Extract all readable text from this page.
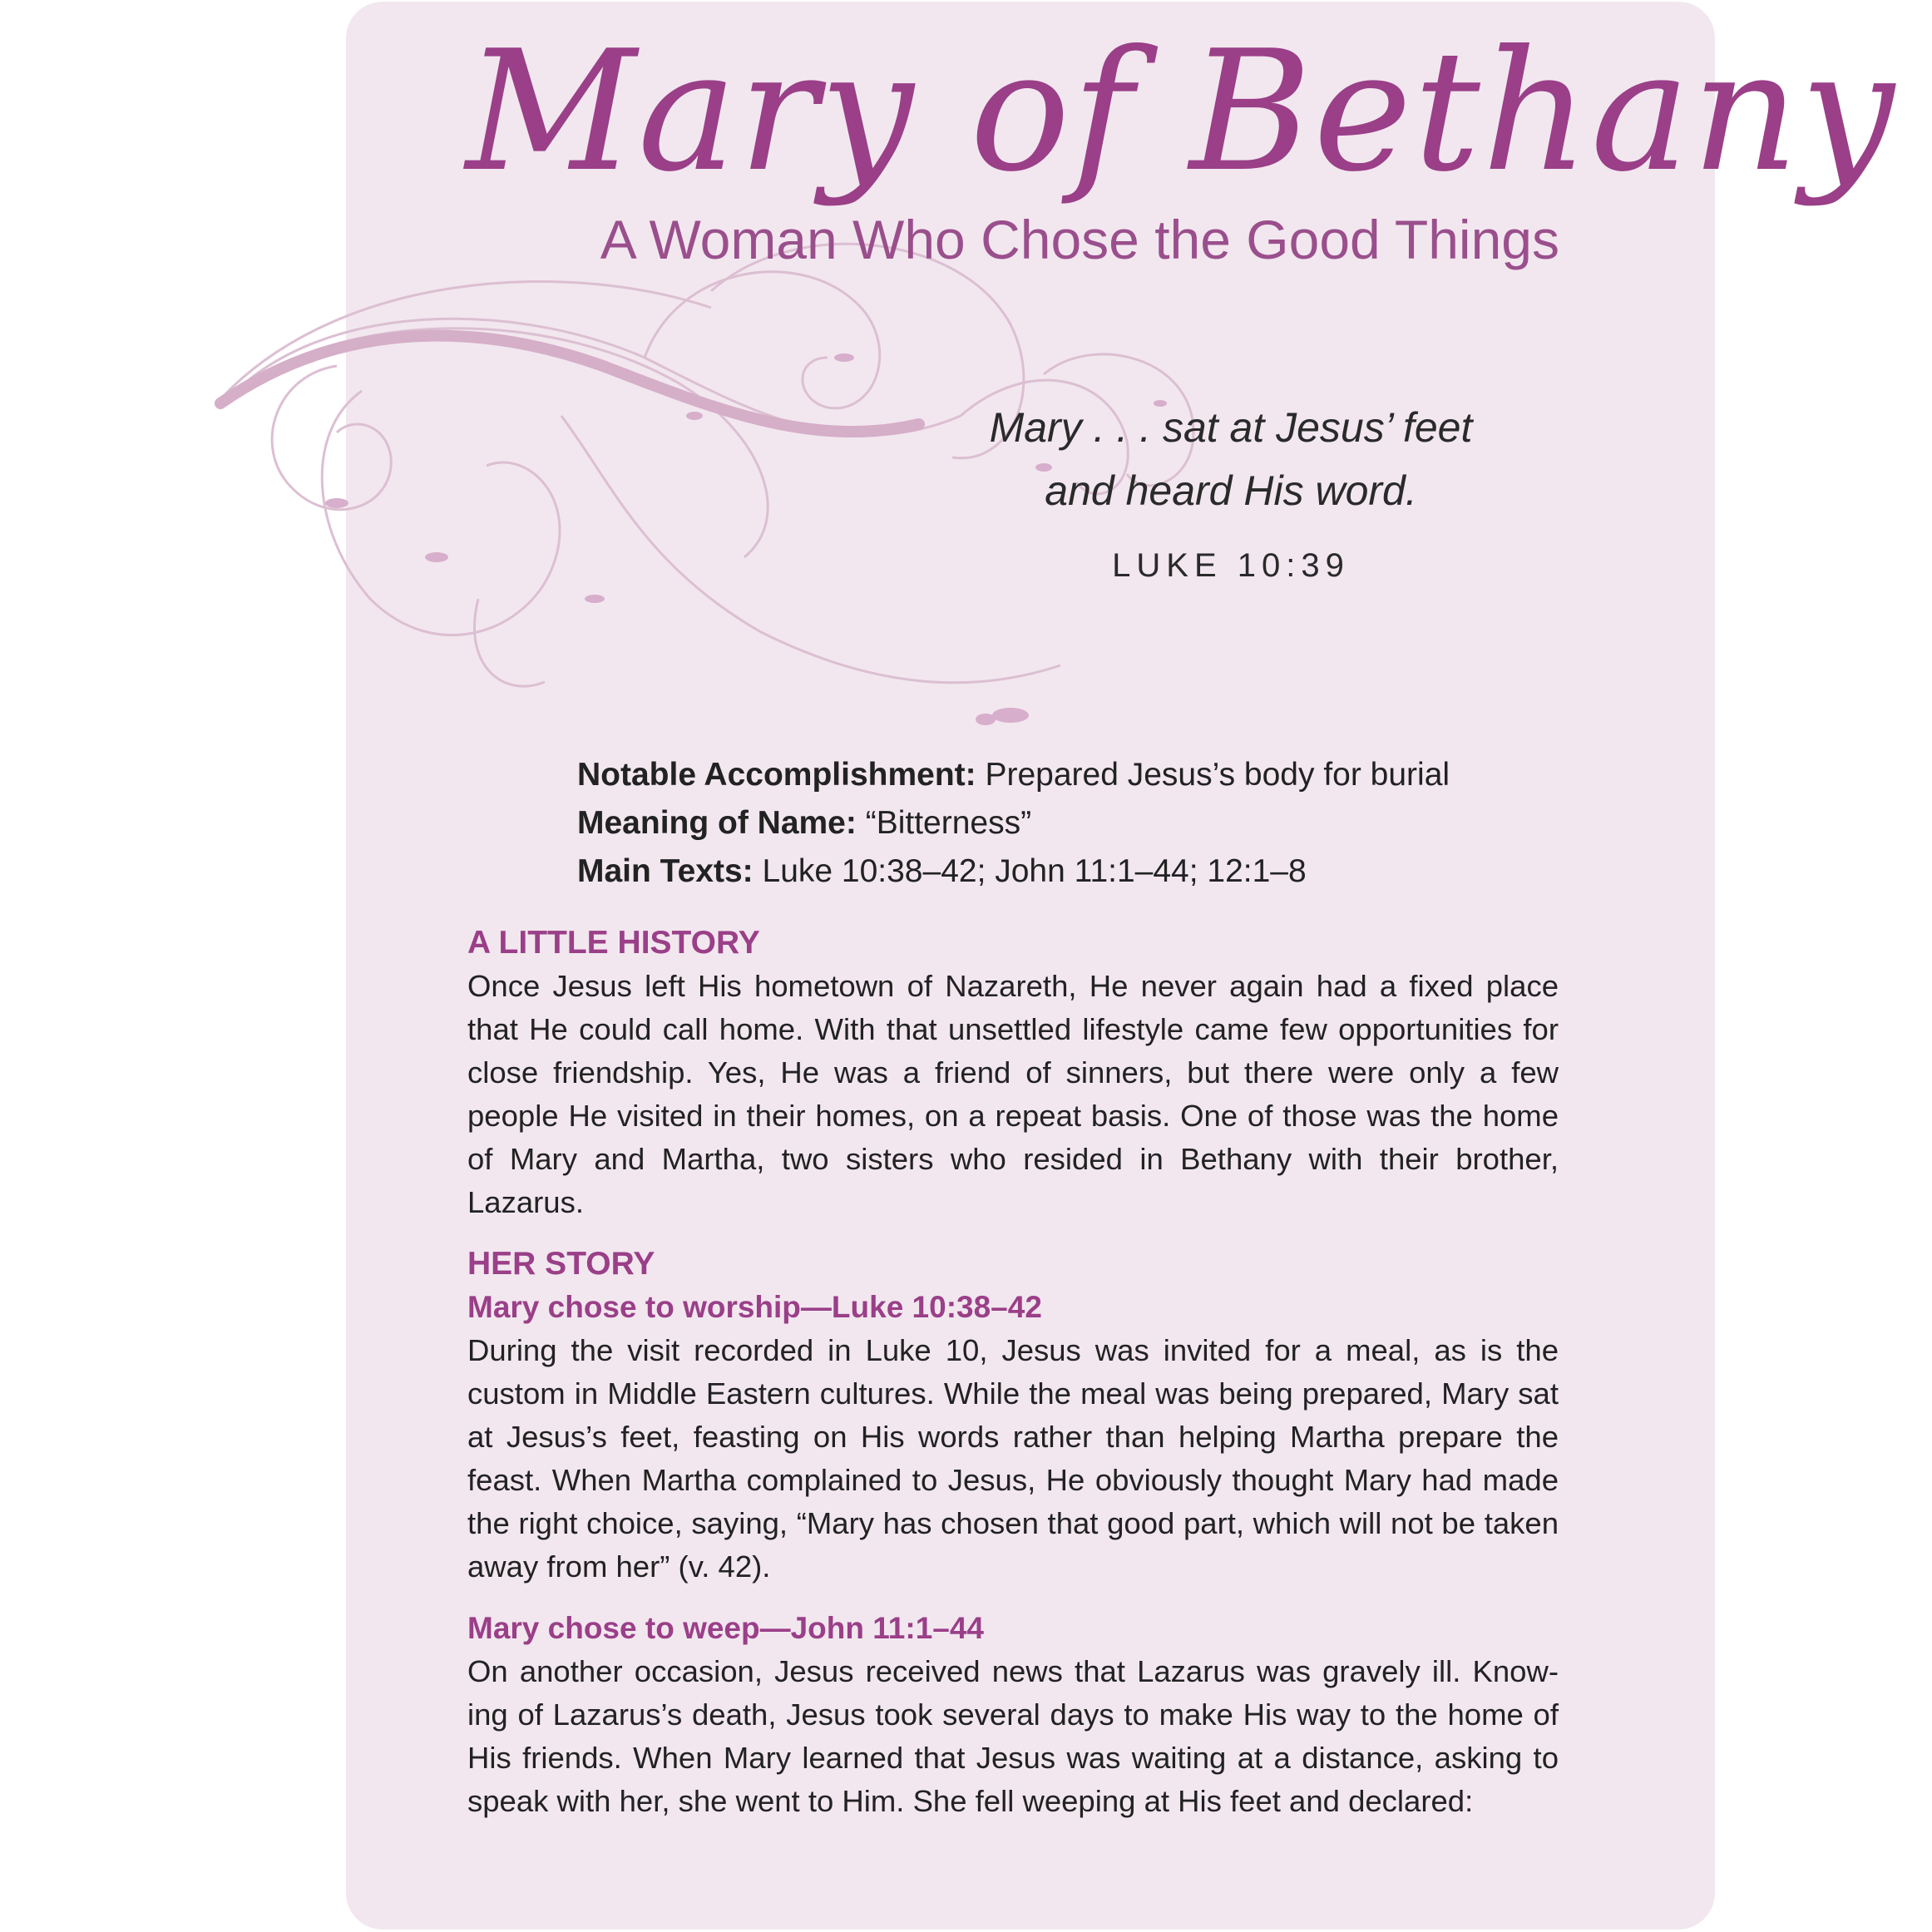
Mary of Bethany
A Woman Who Chose the Good Things
Mary . . . sat at Jesus’ feet
and heard His word.
LUKE 10:39
Notable Accomplishment: Prepared Jesus’s body for burial
Meaning of Name: “Bitterness”
Main Texts: Luke 10:38–42; John 11:1–44; 12:1–8

A LITTLE HISTORY

Once Jesus left His hometown of Nazareth, He never again had a fixed place that He could call home. With that unsettled lifestyle came few opportunities for close friendship. Yes, He was a friend of sinners, but there were only a few people He visited in their homes, on a repeat basis. One of those was the home of Mary and Martha, two sisters who resided in Bethany with their brother, Lazarus.

HER STORY

Mary chose to worship—Luke 10:38–42

During the visit recorded in Luke 10, Jesus was invited for a meal, as is the custom in Middle Eastern cultures. While the meal was being prepared, Mary sat at Jesus’s feet, feasting on His words rather than helping Martha prepare the feast. When Martha complained to Jesus, He obviously thought Mary had made the right choice, saying, “Mary has chosen that good part, which will not be taken away from her” (v. 42).

Mary chose to weep—John 11:1–44

On another occasion, Jesus received news that Lazarus was gravely ill. Know-ing of Lazarus’s death, Jesus took several days to make His way to the home of His friends. When Mary learned that Jesus was waiting at a distance, asking to speak with her, she went to Him. She fell weeping at His feet and declared:
